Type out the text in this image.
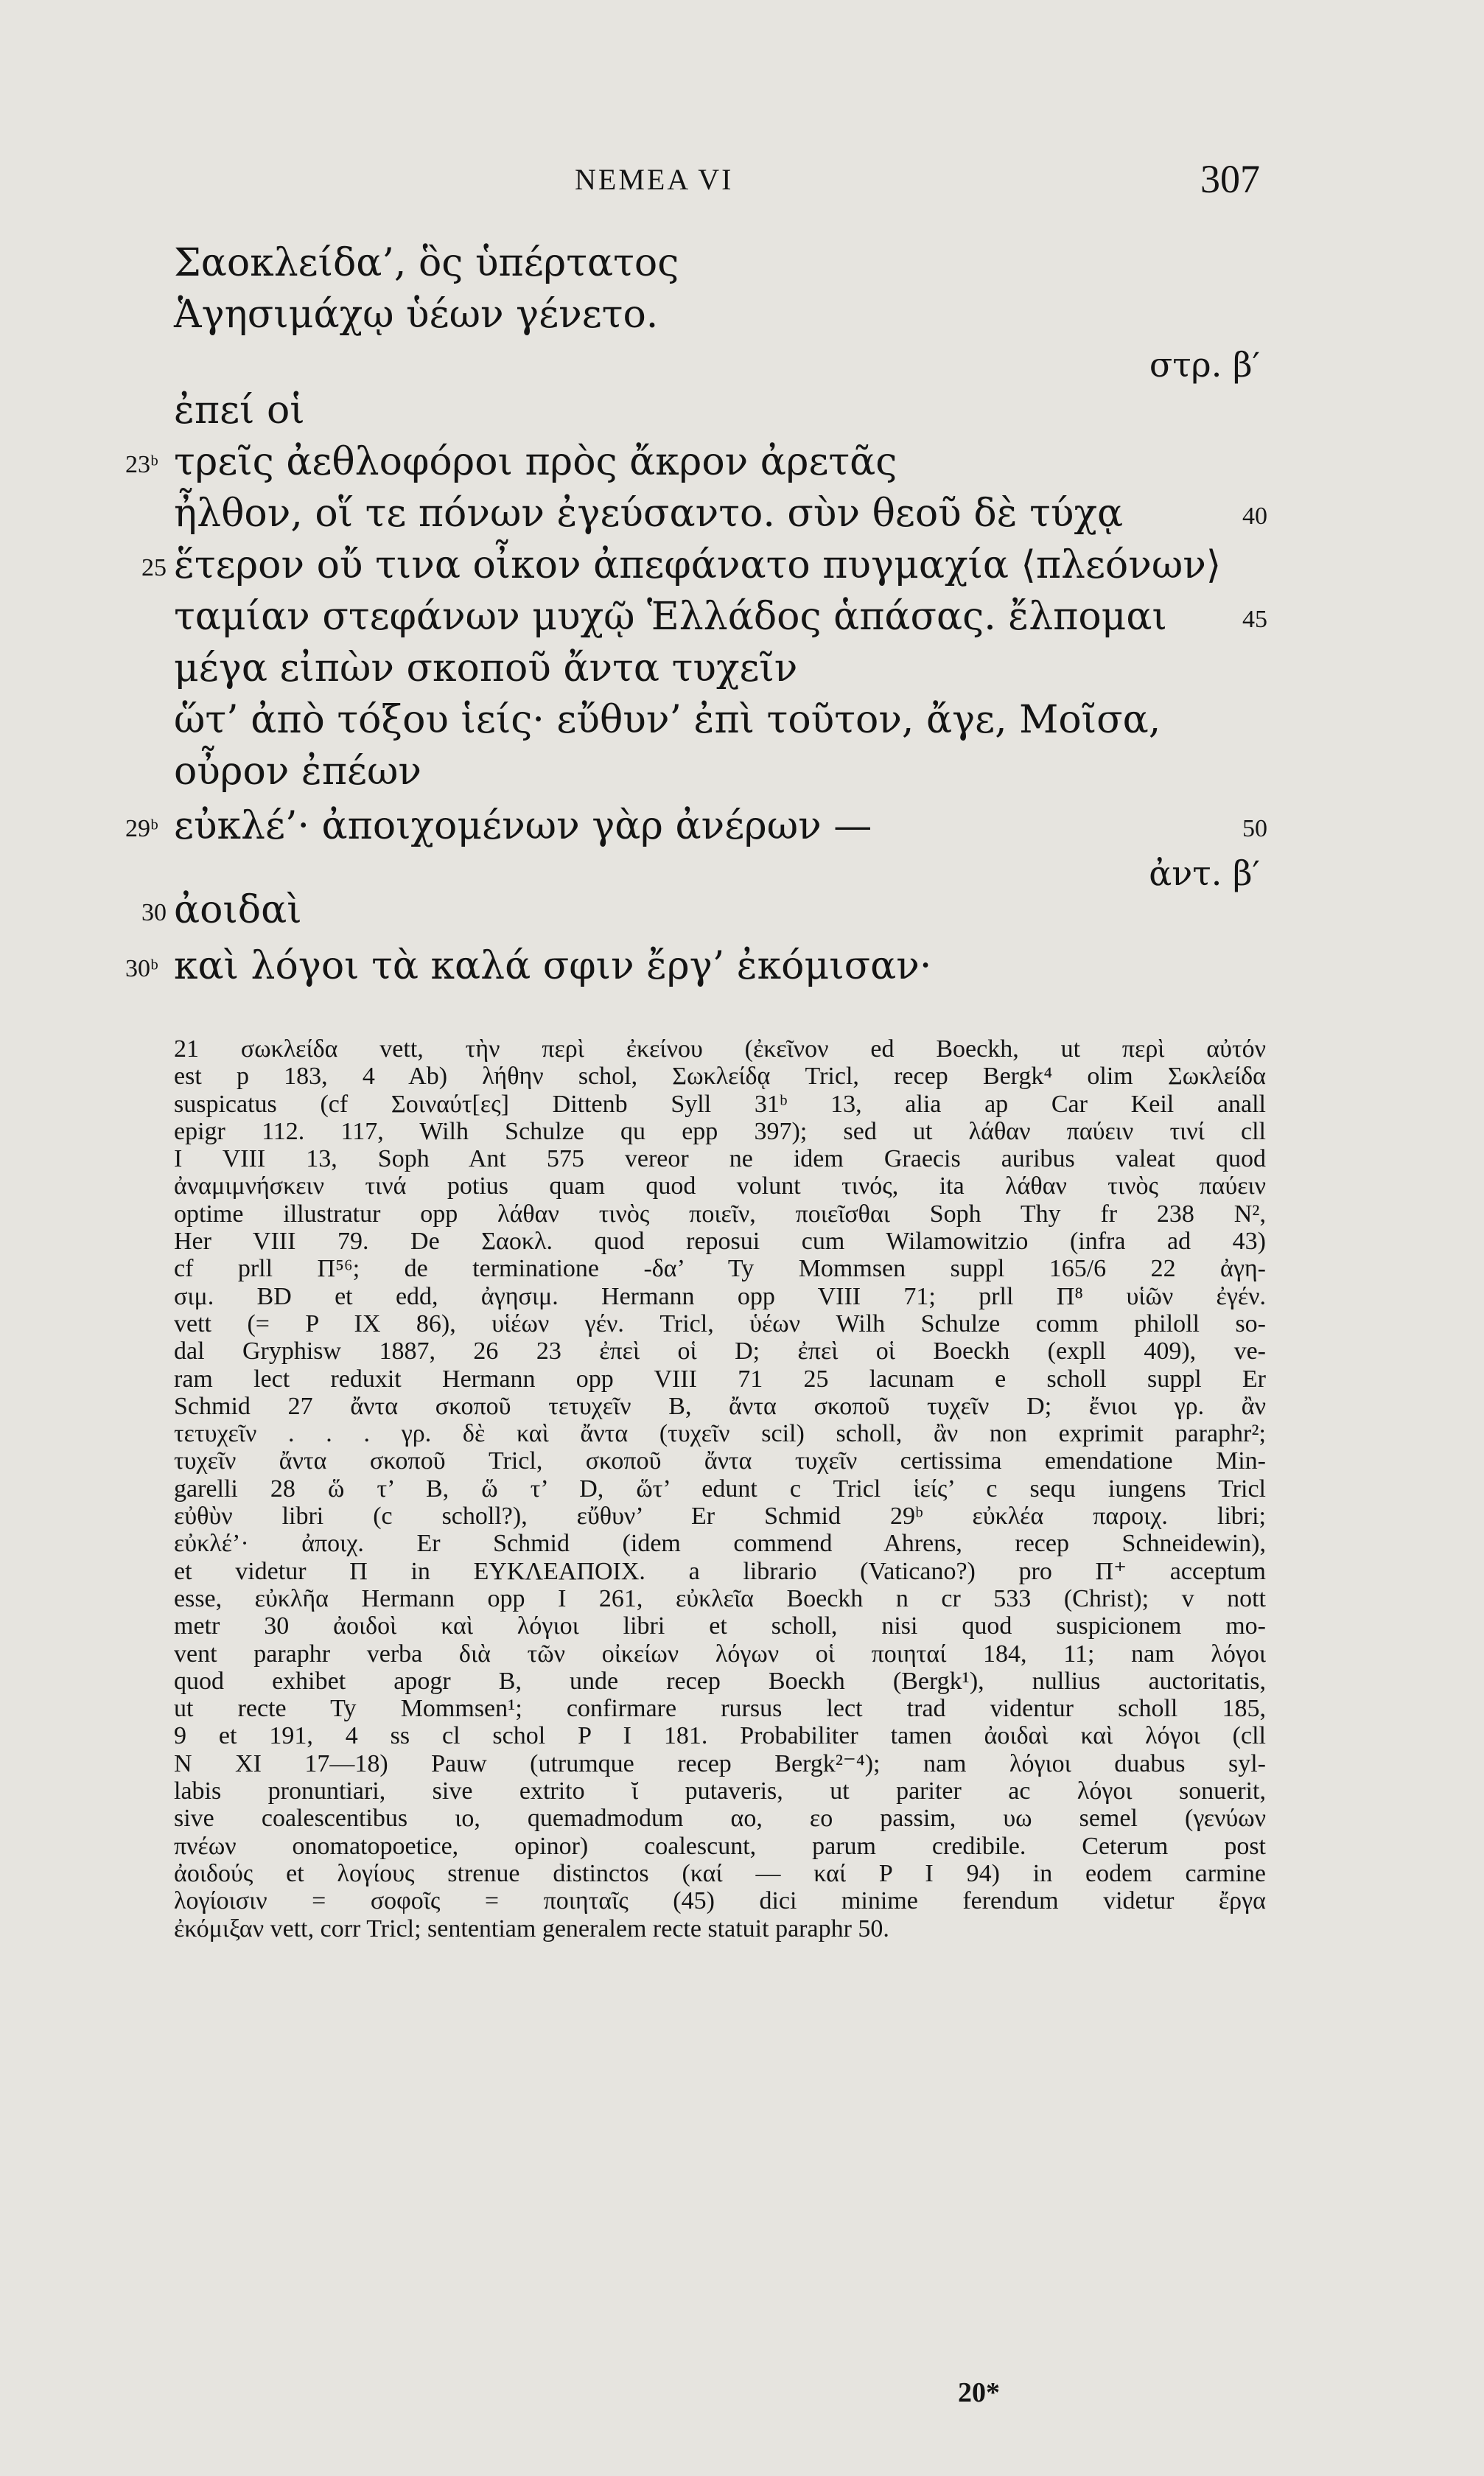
NEMEA VI	307
Σαοκλείδα’, ὃς ὑπέρτατος
Ἁγησιμάχῳ ὑέων γένετο.
στρ. β′
ἐπεί οἱ
23ᵇ τρεῖς ἀεθλοφόροι πρὸς ἄκρον ἀρετᾶς
ἦλθον, οἵ τε πόνων ἐγεύσαντο. σὺν θεοῦ δὲ τύχᾳ	40
25 ἕτερον οὔ τινα οἶκον ἀπεφάνατο πυγμαχία ⟨πλεόνων⟩
ταμίαν στεφάνων μυχῷ Ἑλλάδος ἁπάσας. ἔλπομαι	45
μέγα εἰπὼν σκοποῦ ἄντα τυχεῖν
ὥτ’ ἀπὸ τόξου ἱείς· εὔθυν’ ἐπὶ τοῦτον, ἄγε, Μοῖσα,
οὖρον ἐπέων
29ᵇ εὐκλέ’· ἀποιχομένων γὰρ ἀνέρων —	50
ἀντ. β′
30 ἀοιδαὶ
30ᵇ καὶ λόγοι τὰ καλά σφιν ἔργ’ ἐκόμισαν·
21 σωκλείδα vett, τὴν περὶ ἐκείνου (ἐκεῖνον ed Boeckh, ut περὶ αὐτόν
est p 183, 4 Ab) λήθην schol, Σωκλείδᾳ Tricl, recep Bergk⁴ olim Σωκλείδα
suspicatus (cf Σοιναύτ[ες] Dittenb Syll 31ᵇ 13, alia ap Car Keil anall
epigr 112. 117, Wilh Schulze qu epp 397); sed ut λάθαν παύειν τινί cll
I VIII 13, Soph Ant 575 vereor ne idem Graecis auribus valeat quod
ἀναμιμνήσκειν τινά potius quam quod volunt τινός, ita λάθαν τινὸς παύειν
optime illustratur opp λάθαν τινὸς ποιεῖν, ποιεῖσθαι Soph Thy fr 238 N²,
Her VIII 79. De Σαοκλ. quod reposui cum Wilamowitzio (infra ad 43)
cf prll Π⁵⁶; de terminatione -δα’ Ty Mommsen suppl 165/6 22 ἀγη-
σιμ. BD et edd, ἀγησιμ. Hermann opp VIII 71; prll Π⁸ υἱῶν ἐγέν.
vett (= P IX 86), υἱέων γέν. Tricl, ὑέων Wilh Schulze comm philoll so-
dal Gryphisw 1887, 26 23 ἐπεὶ οἱ D; ἐπεὶ οἱ Boeckh (expll 409), ve-
ram lect reduxit Hermann opp VIII 71 25 lacunam e scholl suppl Er
Schmid 27 ἄντα σκοποῦ τετυχεῖν B, ἄντα σκοποῦ τυχεῖν D; ἔνιοι γρ. ἂν
τετυχεῖν . . . γρ. δὲ καὶ ἄντα (τυχεῖν scil) scholl, ἂν non exprimit paraphr²;
τυχεῖν ἄντα σκοποῦ Tricl, σκοποῦ ἄντα τυχεῖν certissima emendatione Min-
garelli 28 ὥ τ’ B, ὥ τ’ D, ὥτ’ edunt c Tricl ἱείς’ c sequ iungens Tricl
εὐθὺν libri (c scholl?), εὔθυν’ Er Schmid 29ᵇ εὐκλέα παροιχ. libri;
εὐκλέ’· ἀποιχ. Er Schmid (idem commend Ahrens, recep Schneidewin),
et videtur Π in ΕΥΚΛΕΑΠΟΙΧ. a librario (Vaticano?) pro Π⁺ acceptum
esse, εὐκλῆα Hermann opp I 261, εὐκλεῖα Boeckh n cr 533 (Christ); v nott
metr 30 ἀοιδοὶ καὶ λόγιοι libri et scholl, nisi quod suspicionem mo-
vent paraphr verba διὰ τῶν οἰκείων λόγων οἱ ποιηταί 184, 11; nam λόγοι
quod exhibet apogr B, unde recep Boeckh (Bergk¹), nullius auctoritatis,
ut recte Ty Mommsen¹; confirmare rursus lect trad videntur scholl 185,
9 et 191, 4 ss cl schol P I 181. Probabiliter tamen ἀοιδαὶ καὶ λόγοι (cll
N XI 17—18) Pauw (utrumque recep Bergk²⁻⁴); nam λόγιοι duabus syl-
labis pronuntiari, sive extrito ῐ putaveris, ut pariter ac λόγοι sonuerit,
sive coalescentibus ιο, quemadmodum αο, εο passim, υω semel (γενύων
πνέων onomatopoetice, opinor) coalescunt, parum credibile. Ceterum post
ἀοιδούς et λογίους strenue distinctos (καί — καί P I 94) in eodem carmine
λογίοισιν = σοφοῖς = ποιηταῖς (45) dici minime ferendum videtur ἔργα
ἐκόμιξαν vett, corr Tricl; sententiam generalem recte statuit paraphr 50.
20*
